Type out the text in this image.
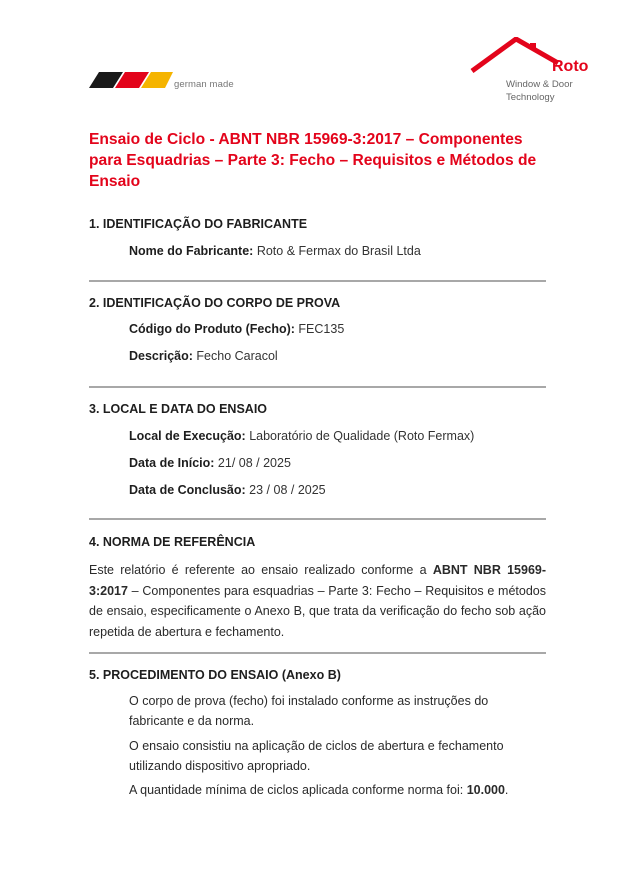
german made
Roto
Window & Door
Technology
Ensaio de Ciclo - ABNT NBR 15969-3:2017 – Componentes para Esquadrias – Parte 3: Fecho – Requisitos e Métodos de Ensaio
1. IDENTIFICAÇÃO DO FABRICANTE
Nome do Fabricante: Roto & Fermax do Brasil Ltda
2. IDENTIFICAÇÃO DO CORPO DE PROVA
Código do Produto (Fecho): FEC135
Descrição: Fecho Caracol
3. LOCAL E DATA DO ENSAIO
Local de Execução: Laboratório de Qualidade (Roto Fermax)
Data de Início: 21/ 08 / 2025
Data de Conclusão: 23 / 08 / 2025
4. NORMA DE REFERÊNCIA

Este relatório é referente ao ensaio realizado conforme a ABNT NBR 15969-3:2017 – Componentes para esquadrias – Parte 3: Fecho – Requisitos e métodos de ensaio, especificamente o Anexo B, que trata da verificação do fecho sob ação repetida de abertura e fechamento.

5. PROCEDIMENTO DO ENSAIO (Anexo B)

O corpo de prova (fecho) foi instalado conforme as instruções do fabricante e da norma.

O ensaio consistiu na aplicação de ciclos de abertura e fechamento utilizando dispositivo apropriado.

A quantidade mínima de ciclos aplicada conforme norma foi: 10.000.
